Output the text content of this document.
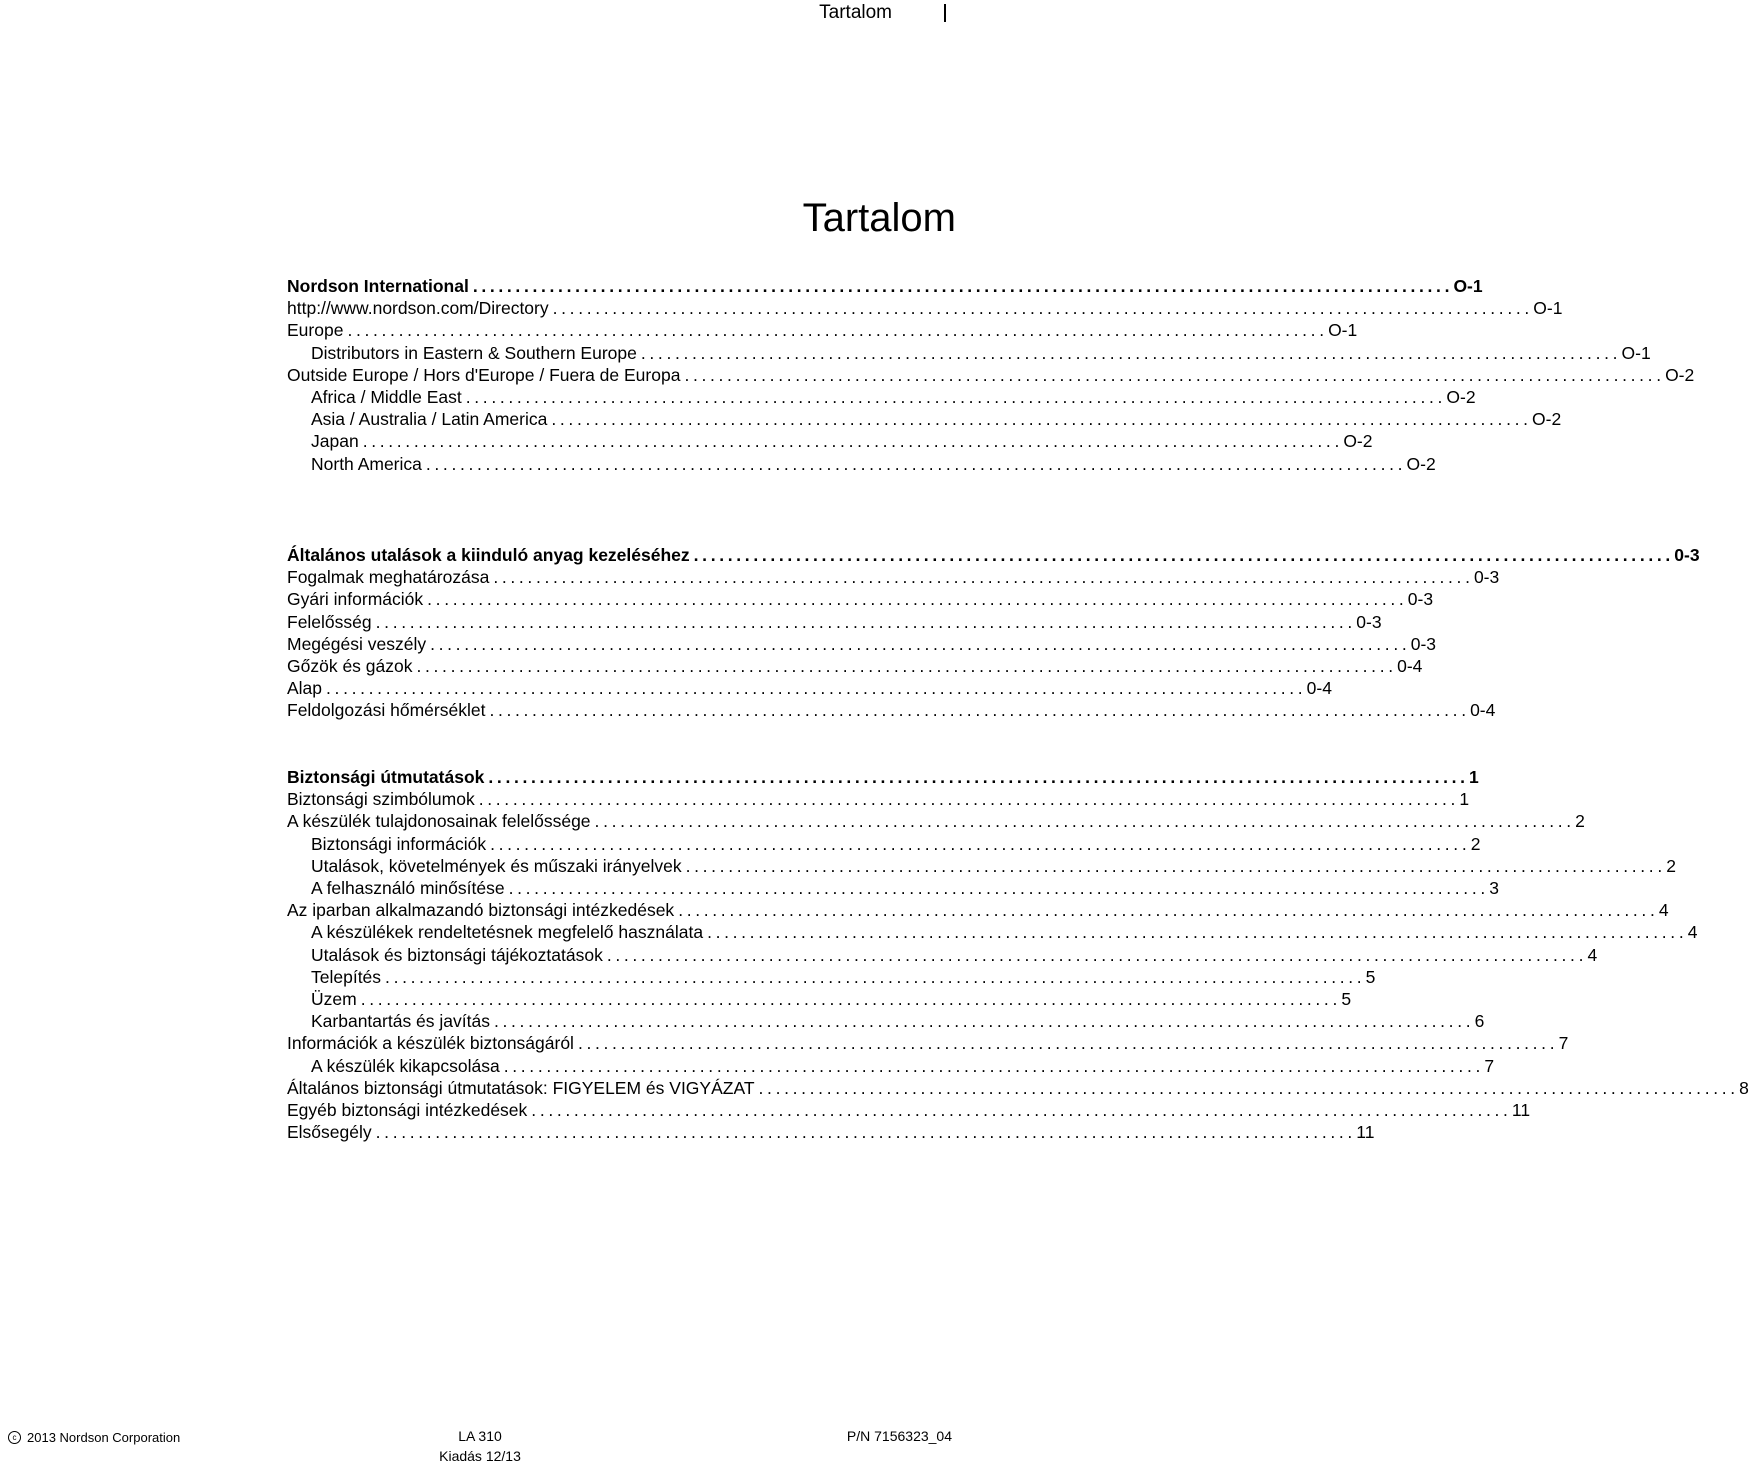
Tartalom
Tartalom
Nordson International . . .	O-1
http://www.nordson.com/Directory . . .	O-1
Europe . . .	O-1
Distributors in Eastern & Southern Europe . . .	O-1
Outside Europe / Hors d'Europe / Fuera de Europa . . .	O-2
Africa / Middle East . . .	O-2
Asia / Australia / Latin America . . .	O-2
Japan . . .	O-2
North America . . .	O-2
Általános utalások a kiinduló anyag kezeléséhez . . .	0-3
Fogalmak meghatározása . . .	0-3
Gyári információk . . .	0-3
Felelősség . . .	0-3
Megégési veszély . . .	0-3
Gőzök és gázok . . .	0-4
Alap . . .	0-4
Feldolgozási hőmérséklet . . .	0-4
Biztonsági útmutatások . . .	1
Biztonsági szimbólumok . . .	1
A készülék tulajdonosainak felelőssége . . .	2
Biztonsági információk . . .	2
Utalások, követelmények és műszaki irányelvek . . .	2
A felhasználó minősítése . . .	3
Az iparban alkalmazandó biztonsági intézkedések . . .	4
A készülékek rendeltetésnek megfelelő használata . . .	4
Utalások és biztonsági tájékoztatások . . .	4
Telepítés . . .	5
Üzem . . .	5
Karbantartás és javítás . . .	6
Információk a készülék biztonságáról . . .	7
A készülék kikapcsolása . . .	7
Általános biztonsági útmutatások: FIGYELEM és VIGYÁZAT . . .	8
Egyéb biztonsági intézkedések . . .	11
Elsősegély . . .	11
c 2013 Nordson Corporation	LA 310
Kiadás 12/13
P/N 7156323_04
